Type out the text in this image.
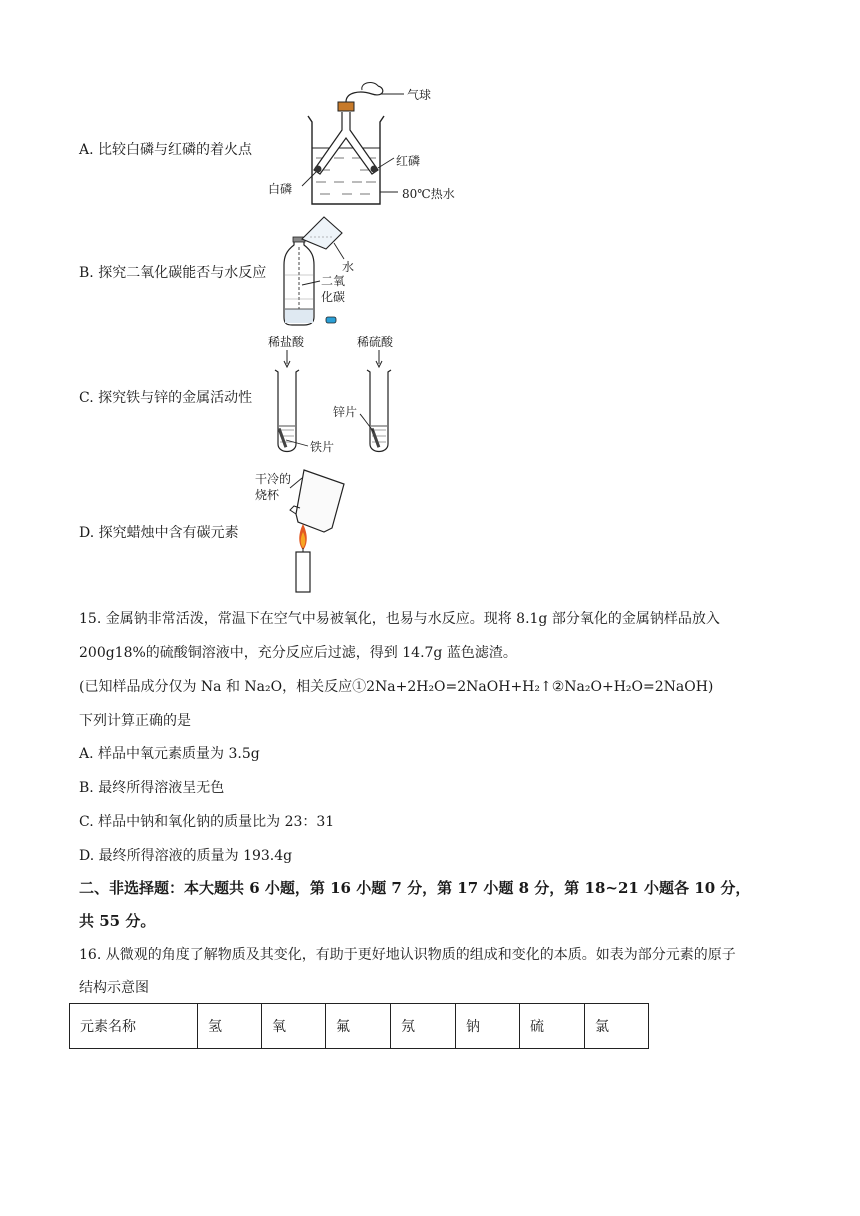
A. 比较白磷与红磷的着火点
气球
红磷
白磷	80℃热水
B. 探究二氧化碳能否与水反应	水
二氧
化碳
C. 探究铁与锌的金属活动性
稀盐酸	稀硫酸
锌片
铁片
D. 探究蜡烛中含有碳元素
干冷的
烧杯
15. 金属钠非常活泼，常温下在空气中易被氧化，也易与水反应。现将 8.1g 部分氧化的金属钠样品放入
200g18%的硫酸铜溶液中，充分反应后过滤，得到 14.7g 蓝色滤渣。
(已知样品成分仅为 Na 和 Na₂O，相关反应①2Na+2H₂O=2NaOH+H₂↑②Na₂O+H₂O=2NaOH)
下列计算正确的是
A. 样品中氧元素质量为 3.5g
B. 最终所得溶液呈无色
C. 样品中钠和氧化钠的质量比为 23：31
D. 最终所得溶液的质量为 193.4g
二、非选择题：本大题共 6 小题，第 16 小题 7 分，第 17 小题 8 分，第 18~21 小题各 10 分，
共 55 分。
16. 从微观的角度了解物质及其变化，有助于更好地认识物质的组成和变化的本质。如表为部分元素的原子
结构示意图
元素名称	氢	氧	氟	氖	钠	硫	氯
